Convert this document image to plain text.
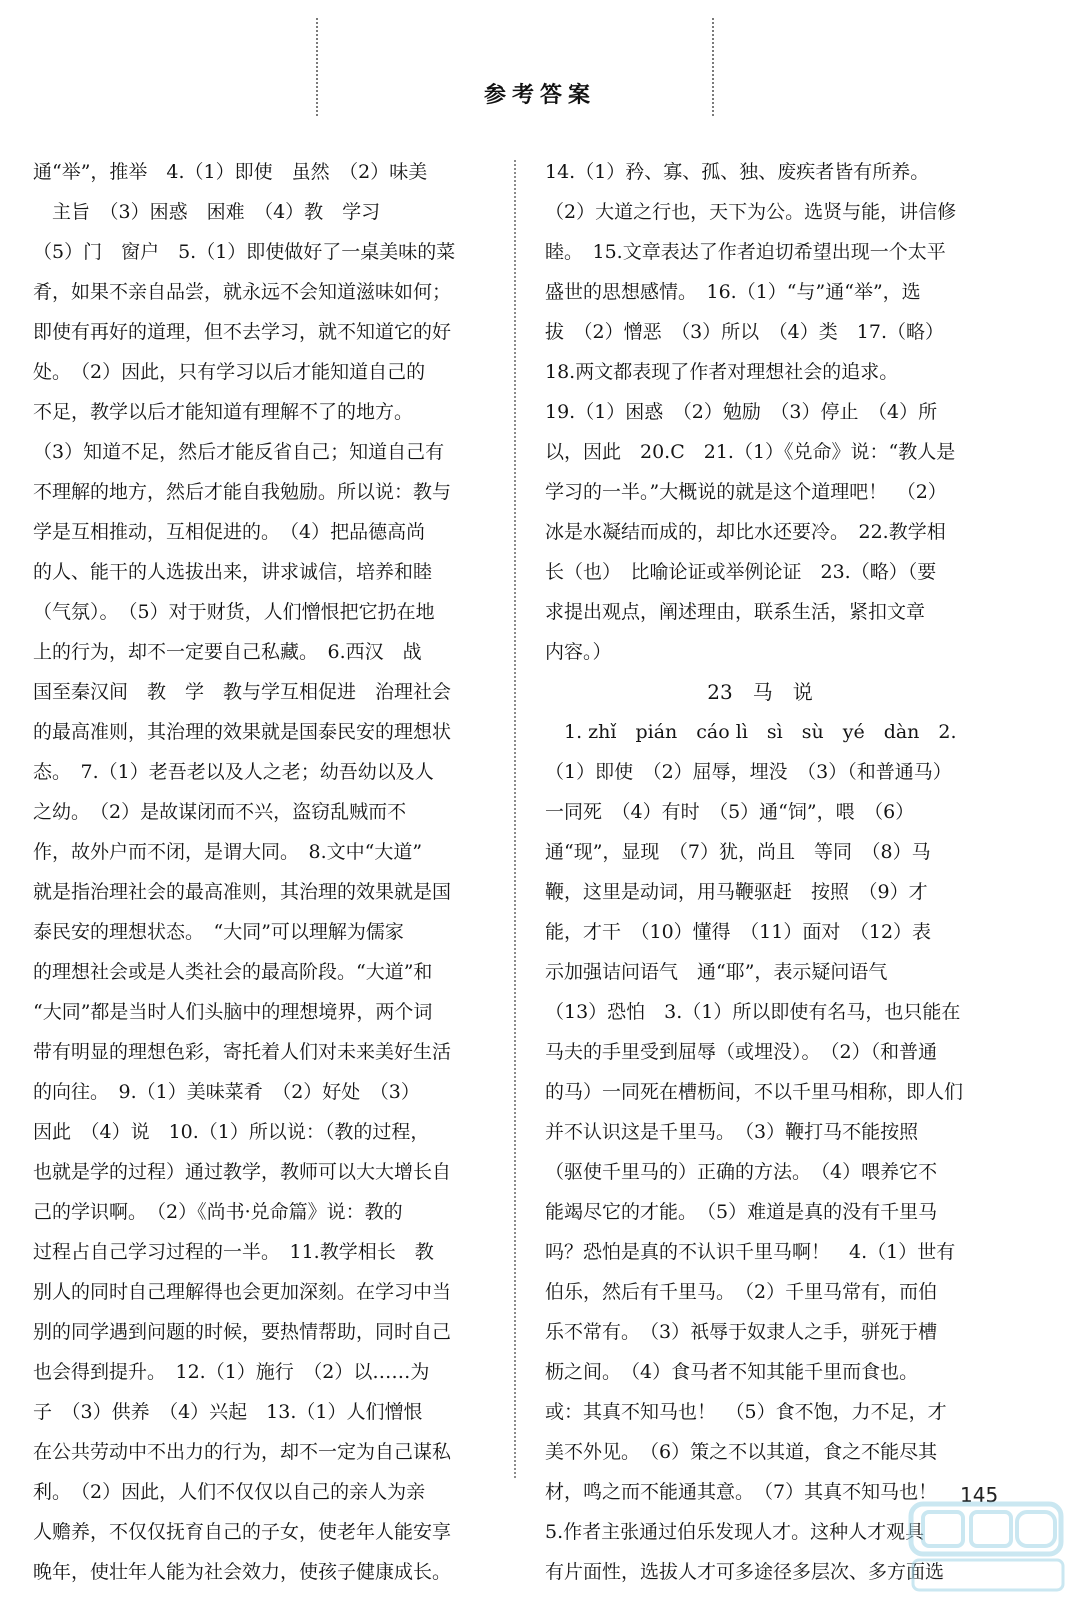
参考答案

通“举”，推举　4.（1）即使　虽然　（2）味美

　主旨　（3）困惑　困难　（4）教　学习

（5）门　窗户　5.（1）即使做好了一桌美味的菜

肴，如果不亲自品尝，就永远不会知道滋味如何；

即使有再好的道理，但不去学习，就不知道它的好

处。　（2）因此，只有学习以后才能知道自己的

不足，教学以后才能知道有理解不了的地方。

（3）知道不足，然后才能反省自己；知道自己有

不理解的地方，然后才能自我勉励。所以说：教与

学是互相推动，互相促进的。　（4）把品德高尚

的人、能干的人选拔出来，讲求诚信，培养和睦

（气氛）。　（5）对于财货，人们憎恨把它扔在地

上的行为，却不一定要自己私藏。　6.西汉　战

国至秦汉间　教　学　教与学互相促进　治理社会

的最高准则，其治理的效果就是国泰民安的理想状

态。　7.（1）老吾老以及人之老；幼吾幼以及人

之幼。　（2）是故谋闭而不兴，盗窃乱贼而不

作，故外户而不闭，是谓大同。　8.文中“大道”

就是指治理社会的最高准则，其治理的效果就是国

泰民安的理想状态。　“大同”可以理解为儒家

的理想社会或是人类社会的最高阶段。“大道”和

“大同”都是当时人们头脑中的理想境界，两个词

带有明显的理想色彩，寄托着人们对未来美好生活

的向往。　9.（1）美味菜肴　（2）好处　（3）

因此　（4）说　10.（1）所以说：（教的过程，

也就是学的过程）通过教学，教师可以大大增长自

己的学识啊。　（2）《尚书·兑命篇》说：教的

过程占自己学习过程的一半。　11.教学相长　教

别人的同时自己理解得也会更加深刻。在学习中当

别的同学遇到问题的时候，要热情帮助，同时自己

也会得到提升。　12.（1）施行　（2）以……为

子　（3）供养　（4）兴起　13.（1）人们憎恨

在公共劳动中不出力的行为，却不一定为自己谋私

利。　（2）因此，人们不仅仅以自己的亲人为亲

人赡养，不仅仅抚育自己的子女，使老年人能安享

晚年，使壮年人能为社会效力，使孩子健康成长。

14.（1）矜、寡、孤、独、废疾者皆有所养。

（2）大道之行也，天下为公。选贤与能，讲信修

睦。　15.文章表达了作者迫切希望出现一个太平

盛世的思想感情。　16.（1）“与”通“举”，选

拔　（2）憎恶　（3）所以　（4）类　17.（略）

18.两文都表现了作者对理想社会的追求。

19.（1）困惑　（2）勉励　（3）停止　（4）所

以，因此　20.C　21.（1）《兑命》说：“教人是

学习的一半。”大概说的就是这个道理吧！　（2）

冰是水凝结而成的，却比水还要冷。　22.教学相

长（也）　比喻论证或举例论证　23.（略）（要

求提出观点，阐述理由，联系生活，紧扣文章

内容。）

23　马　说

　1. zhǐ　pián　cáo lì　sì　sù　yé　dàn　2.

（1）即使　（2）屈辱，埋没　（3）（和普通马）

一同死　（4）有时　（5）通“饲”，喂　（6）

通“现”，显现　（7）犹，尚且　等同　（8）马

鞭，这里是动词，用马鞭驱赶　按照　（9）才

能，才干　（10）懂得　（11）面对　（12）表

示加强诘问语气　通“耶”，表示疑问语气

（13）恐怕　3.（1）所以即使有名马，也只能在

马夫的手里受到屈辱（或埋没）。　（2）（和普通

的马）一同死在槽枥间，不以千里马相称，即人们

并不认识这是千里马。　（3）鞭打马不能按照

（驱使千里马的）正确的方法。　（4）喂养它不

能竭尽它的才能。　（5）难道是真的没有千里马

吗？恐怕是真的不认识千里马啊！　4.（1）世有

伯乐，然后有千里马。　（2）千里马常有，而伯

乐不常有。　（3）祇辱于奴隶人之手，骈死于槽

枥之间。　（4）食马者不知其能千里而食也。

或：其真不知马也！　（5）食不饱，力不足，才

美不外见。　（6）策之不以其道，食之不能尽其

材，鸣之而不能通其意。　（7）其真不知马也！

5.作者主张通过伯乐发现人才。这种人才观具

有片面性，选拔人才可多途径多层次、多方面选

145
